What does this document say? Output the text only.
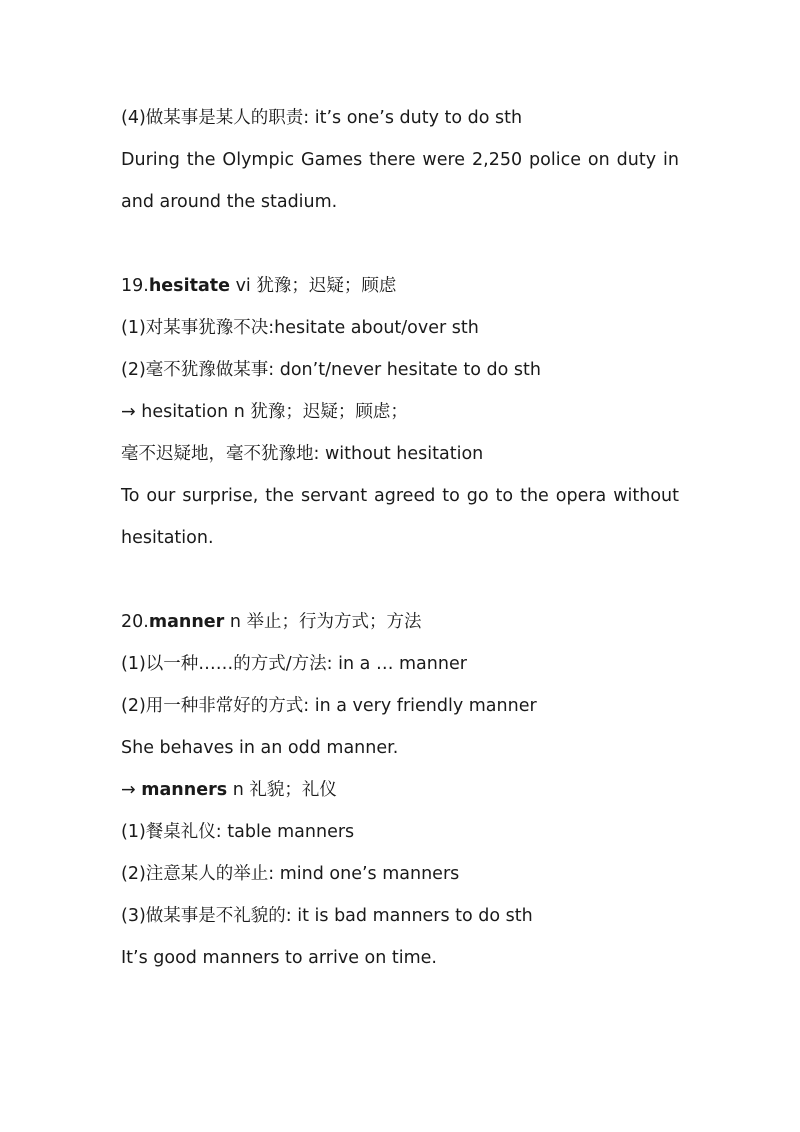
(4)做某事是某人的职责: it’s one’s duty to do sth
During the Olympic Games there were 2,250 police on duty in
and around the stadium.
19.hesitate vi 犹豫；迟疑；顾虑
(1)对某事犹豫不决:hesitate about/over sth
(2)毫不犹豫做某事: don’t/never hesitate to do sth
→ hesitation n 犹豫；迟疑；顾虑；
毫不迟疑地，毫不犹豫地: without hesitation
To our surprise, the servant agreed to go to the opera without
hesitation.
20.manner n 举止；行为方式；方法
(1)以一种……的方式/方法: in a … manner
(2)用一种非常好的方式: in a very friendly manner
She behaves in an odd manner.
→ manners n 礼貌；礼仪
(1)餐桌礼仪: table manners
(2)注意某人的举止: mind one’s manners
(3)做某事是不礼貌的: it is bad manners to do sth
It’s good manners to arrive on time.
